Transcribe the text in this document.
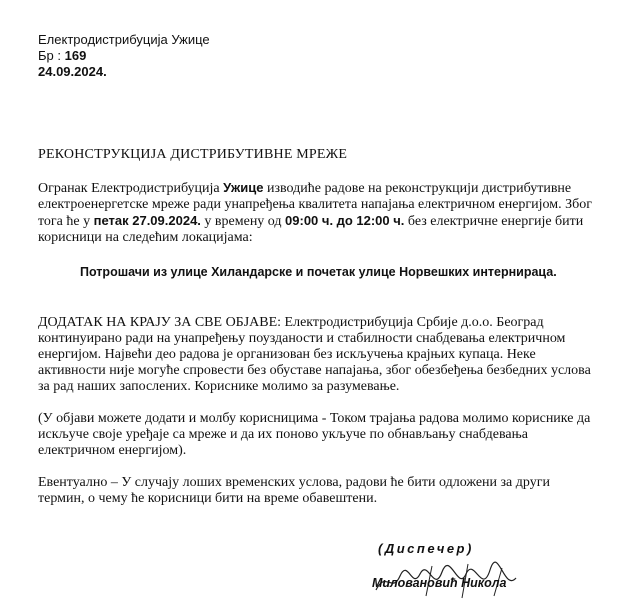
Електродистрибуција Ужице
Бр : 169
24.09.2024.
РЕКОНСТРУКЦИЈА ДИСТРИБУТИВНЕ МРЕЖЕ
Огранак Електродистрибуција Ужице изводиће радове на реконструкцији дистрибутивне електроенергетске мреже ради унапређења квалитета напајања електричном енергијом. Због тога ће у петак 27.09.2024. у времену од 09:00 ч. до 12:00 ч. без електричне енергије бити корисници на следећим локацијама:
Потрошачи из улице Хиландарске и почетак улице Норвешких интернираца.
ДОДАТАК НА КРАЈУ ЗА СВЕ ОБЈАВЕ: Електродистрибуција Србије д.о.о. Београд континуирано ради на унапређењу поузданости и стабилности снабдевања електричном енергијом. Највећи део радова је организован без искључења крајњих купаца. Неке активности није могуће спровести без обуставе напајања, због обезбеђења безбедних услова за рад наших запослених. Кориснике молимо за разумевање.
(У објави можете додати и молбу корисницима - Током трајања радова молимо кориснике да искључе своје уређаје са мреже и да их поново укључе по обнављању снабдевања електричном енергијом).
Евентуално – У случају лоших временских услова, радови ће бити одложени за други термин, о чему ће корисници бити на време обавештени.
(Диспечер)
Миловановић Никола
